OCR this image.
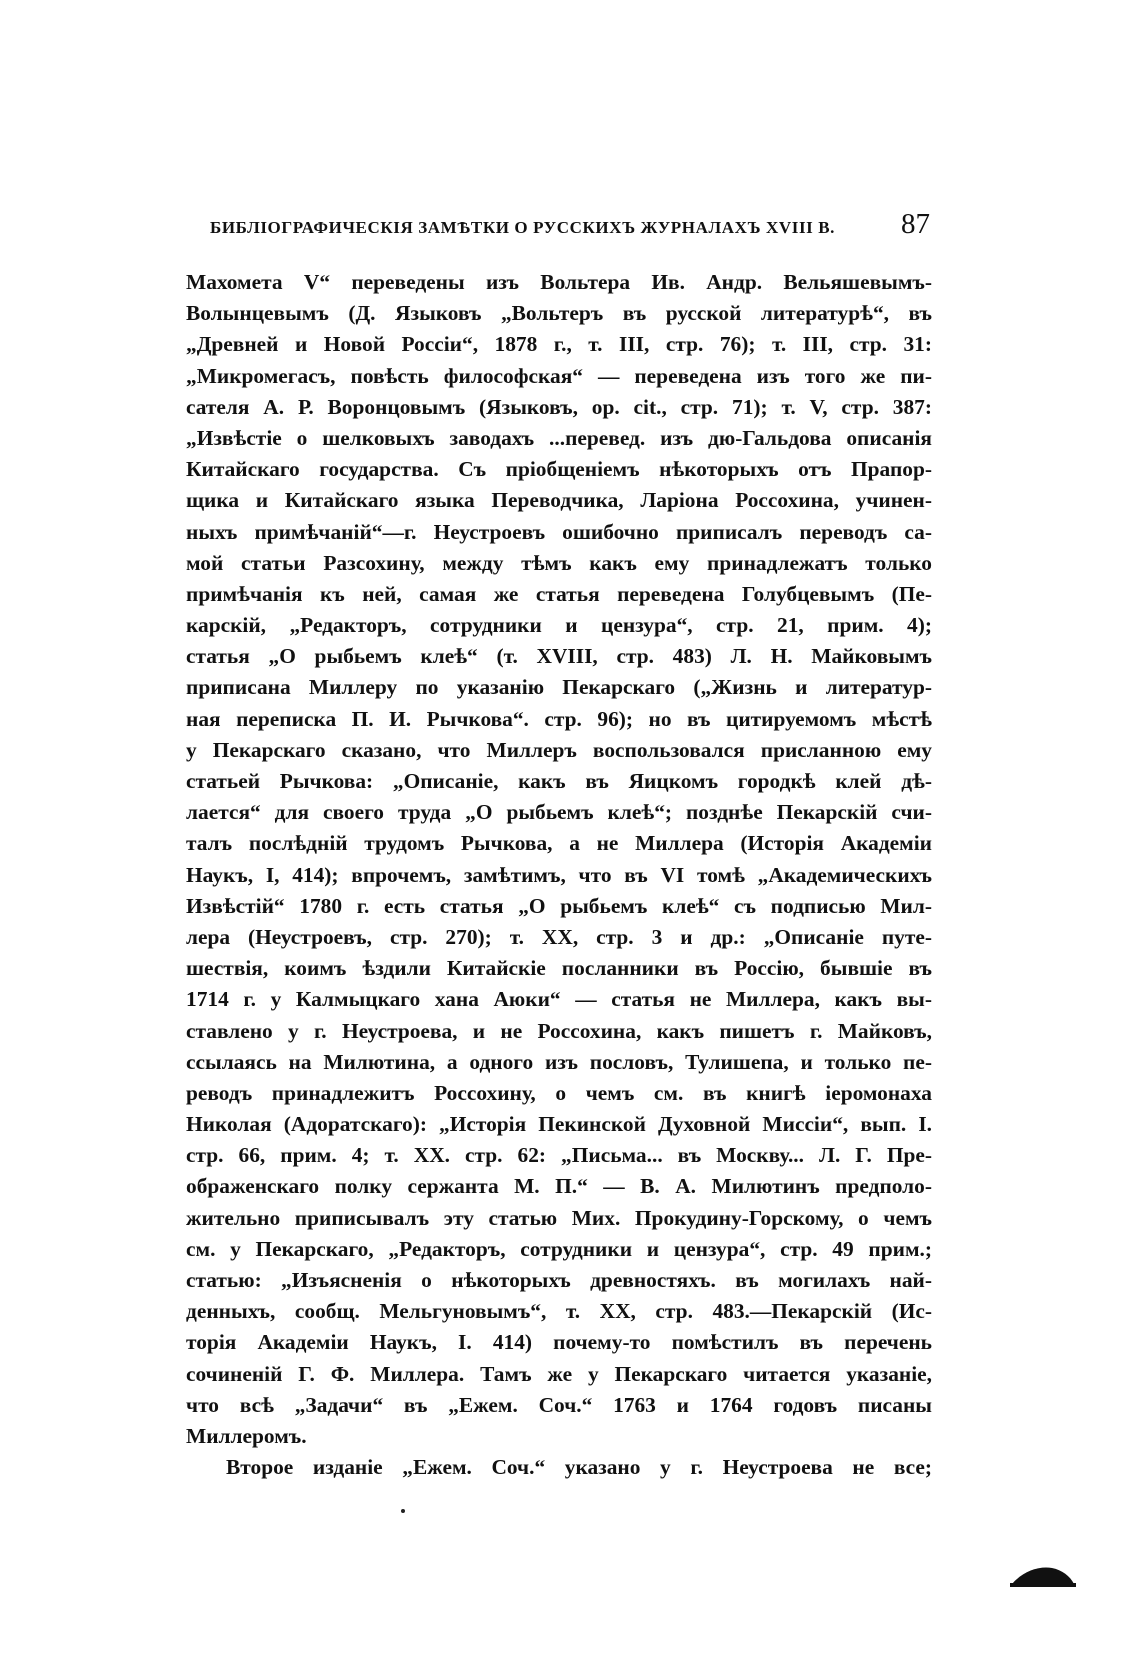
БИБЛІОГРАФИЧЕСКІЯ ЗАМѢТКИ О РУССКИХЪ ЖУРНАЛАХЪ XVIII В. 87
Махомета V“ переведены изъ Вольтера Ив. Андр. Вельяшевымъ-
Волынцевымъ (Д. Языковъ „Вольтеръ въ русской литературѣ“, въ
„Древней и Новой Россіи“, 1878 г., т. III, стр. 76); т. III, стр. 31:
„Микромегасъ, повѣсть философская“ — переведена изъ того же пи-
сателя А. Р. Воронцовымъ (Языковъ, op. cit., стр. 71); т. V, стр. 387:
„Извѣстіе о шелковыхъ заводахъ ...перевед. изъ дю-Гальдова описанія
Китайскаго государства. Съ пріобщеніемъ нѣкоторыхъ отъ Прапор-
щика и Китайскаго языка Переводчика, Ларіона Россохина, учинен-
ныхъ примѣчаній“—г. Неустроевъ ошибочно приписалъ переводъ са-
мой статьи Разсохину, между тѣмъ какъ ему принадлежатъ только
примѣчанія къ ней, самая же статья переведена Голубцевымъ (Пе-
карскій, „Редакторъ, сотрудники и цензура“, стр. 21, прим. 4);
статья „О рыбьемъ клеѣ“ (т. XVIII, стр. 483) Л. Н. Майковымъ
приписана Миллеру по указанію Пекарскаго („Жизнь и литератур-
ная переписка П. И. Рычкова“. стр. 96); но въ цитируемомъ мѣстѣ
у Пекарскаго сказано, что Миллеръ воспользовался присланною ему
статьей Рычкова: „Описаніе, какъ въ Яицкомъ городкѣ клей дѣ-
лается“ для своего труда „О рыбьемъ клеѣ“; позднѣе Пекарскій счи-
талъ послѣдній трудомъ Рычкова, а не Миллера (Исторія Академіи
Наукъ, I, 414); впрочемъ, замѣтимъ, что въ VI томѣ „Академическихъ
Извѣстій“ 1780 г. есть статья „О рыбьемъ клеѣ“ съ подписью Мил-
лера (Неустроевъ, стр. 270); т. XX, стр. 3 и др.: „Описаніе путе-
шествія, коимъ ѣздили Китайскіе посланники въ Россію, бывшіе въ
1714 г. у Калмыцкаго хана Аюки“ — статья не Миллера, какъ вы-
ставлено у г. Неустроева, и не Россохина, какъ пишетъ г. Майковъ,
ссылаясь на Милютина, а одного изъ пословъ, Тулишепа, и только пе-
реводъ принадлежитъ Россохину, о чемъ см. въ книгѣ іеромонаха
Николая (Адоратскаго): „Исторія Пекинской Духовной Миссіи“, вып. I.
стр. 66, прим. 4; т. XX. стр. 62: „Письма... въ Москву... Л. Г. Пре-
ображенскаго полку сержанта М. П.“ — В. А. Милютинъ предполо-
жительно приписывалъ эту статью Мих. Прокудину-Горскому, о чемъ
см. у Пекарскаго, „Редакторъ, сотрудники и цензура“, стр. 49 прим.;
статью: „Изъясненія о нѣкоторыхъ древностяхъ. въ могилахъ най-
денныхъ, сообщ. Мельгуновымъ“, т. XX, стр. 483.—Пекарскій (Ис-
торія Академіи Наукъ, I. 414) почему-то помѣстилъ въ перечень
сочиненій Г. Ф. Миллера. Тамъ же у Пекарскаго читается указаніе,
что всѣ „Задачи“ въ „Ежем. Соч.“ 1763 и 1764 годовъ писаны
Миллеромъ.
Второе изданіе „Ежем. Соч.“ указано у г. Неустроева не все;
